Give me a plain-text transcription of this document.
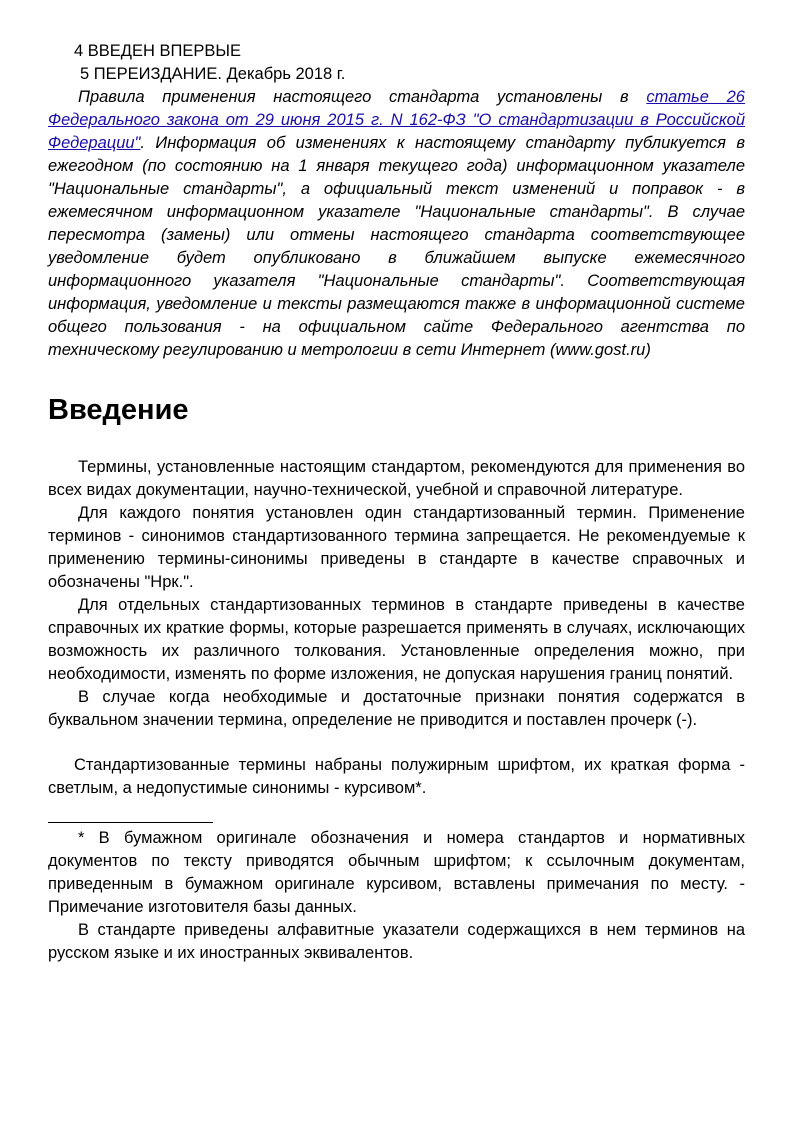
4 ВВЕДЕН ВПЕРВЫЕ

5 ПЕРЕИЗДАНИЕ. Декабрь 2018 г.

Правила применения настоящего стандарта установлены в статье 26 Федерального закона от 29 июня 2015 г. N 162-ФЗ "О стандартизации в Российской Федерации". Информация об изменениях к настоящему стандарту публикуется в ежегодном (по состоянию на 1 января текущего года) информационном указателе "Национальные стандарты", а официальный текст изменений и поправок - в ежемесячном информационном указателе "Национальные стандарты". В случае пересмотра (замены) или отмены настоящего стандарта соответствующее уведомление будет опубликовано в ближайшем выпуске ежемесячного информационного указателя "Национальные стандарты". Соответствующая информация, уведомление и тексты размещаются также в информационной системе общего пользования - на официальном сайте Федерального агентства по техническому регулированию и метрологии в сети Интернет (www.gost.ru)

Введение

Термины, установленные настоящим стандартом, рекомендуются для применения во всех видах документации, научно-технической, учебной и справочной литературе.

Для каждого понятия установлен один стандартизованный термин. Применение терминов - синонимов стандартизованного термина запрещается. Не рекомендуемые к применению термины-синонимы приведены в стандарте в качестве справочных и обозначены "Нрк.".

Для отдельных стандартизованных терминов в стандарте приведены в качестве справочных их краткие формы, которые разрешается применять в случаях, исключающих возможность их различного толкования. Установленные определения можно, при необходимости, изменять по форме изложения, не допуская нарушения границ понятий.

В случае когда необходимые и достаточные признаки понятия содержатся в буквальном значении термина, определение не приводится и поставлен прочерк (-).

Стандартизованные термины набраны полужирным шрифтом, их краткая форма - светлым, а недопустимые синонимы - курсивом*.

* В бумажном оригинале обозначения и номера стандартов и нормативных документов по тексту приводятся обычным шрифтом; к ссылочным документам, приведенным в бумажном оригинале курсивом, вставлены примечания по месту. - Примечание изготовителя базы данных.

В стандарте приведены алфавитные указатели содержащихся в нем терминов на русском языке и их иностранных эквивалентов.
